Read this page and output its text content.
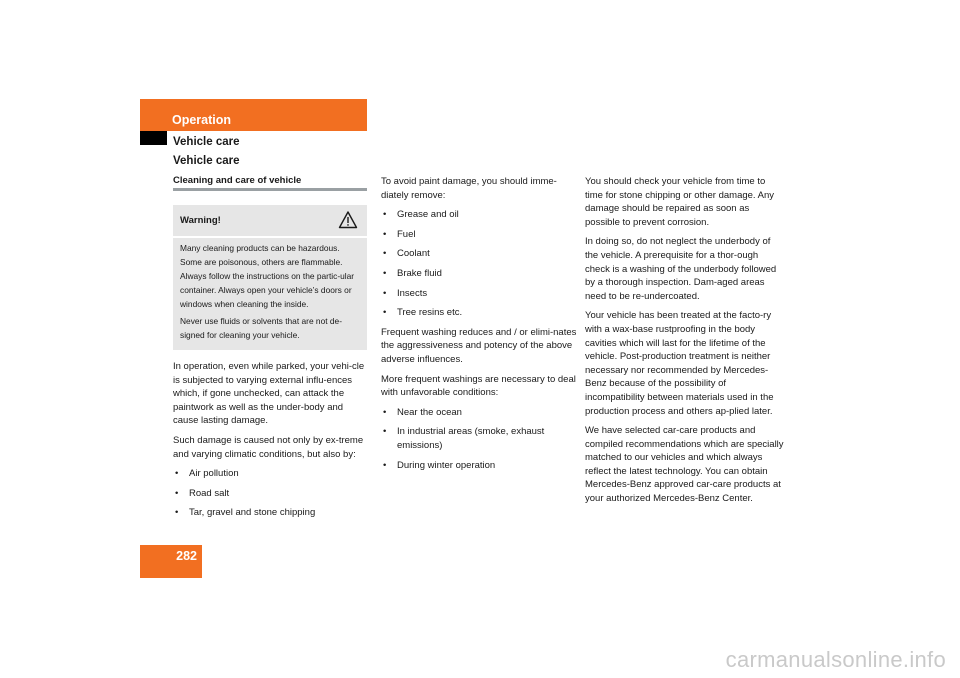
Operation
Vehicle care
Vehicle care
Cleaning and care of vehicle
Warning!

Many cleaning products can be hazardous. Some are poisonous, others are flammable. Always follow the instructions on the partic-ular container. Always open your vehicle’s doors or windows when cleaning the inside.

Never use fluids or solvents that are not de-signed for cleaning your vehicle.

In operation, even while parked, your vehi-cle is subjected to varying external influ-ences which, if gone unchecked, can attack the paintwork as well as the under-body and cause lasting damage.

Such damage is caused not only by ex-treme and varying climatic conditions, but also by:

• Air pollution
• Road salt
• Tar, gravel and stone chipping

To avoid paint damage, you should imme-diately remove:

• Grease and oil
• Fuel
• Coolant
• Brake fluid
• Insects
• Tree resins etc.

Frequent washing reduces and / or elimi-nates the aggressiveness and potency of the above adverse influences.

More frequent washings are necessary to deal with unfavorable conditions:

• Near the ocean
• In industrial areas (smoke, exhaust emissions)
• During winter operation

You should check your vehicle from time to time for stone chipping or other damage. Any damage should be repaired as soon as possible to prevent corrosion.

In doing so, do not neglect the underbody of the vehicle. A prerequisite for a thor-ough check is a washing of the underbody followed by a thorough inspection. Dam-aged areas need to be re-undercoated.

Your vehicle has been treated at the facto-ry with a wax-base rustproofing in the body cavities which will last for the lifetime of the vehicle. Post-production treatment is neither necessary nor recommended by Mercedes-Benz because of the possibility of incompatibility between materials used in the production process and others ap-plied later.

We have selected car-care products and compiled recommendations which are specially matched to our vehicles and which always reflect the latest technology. You can obtain Mercedes-Benz approved car-care products at your authorized Mercedes-Benz Center.

282
carmanualsonline.info
